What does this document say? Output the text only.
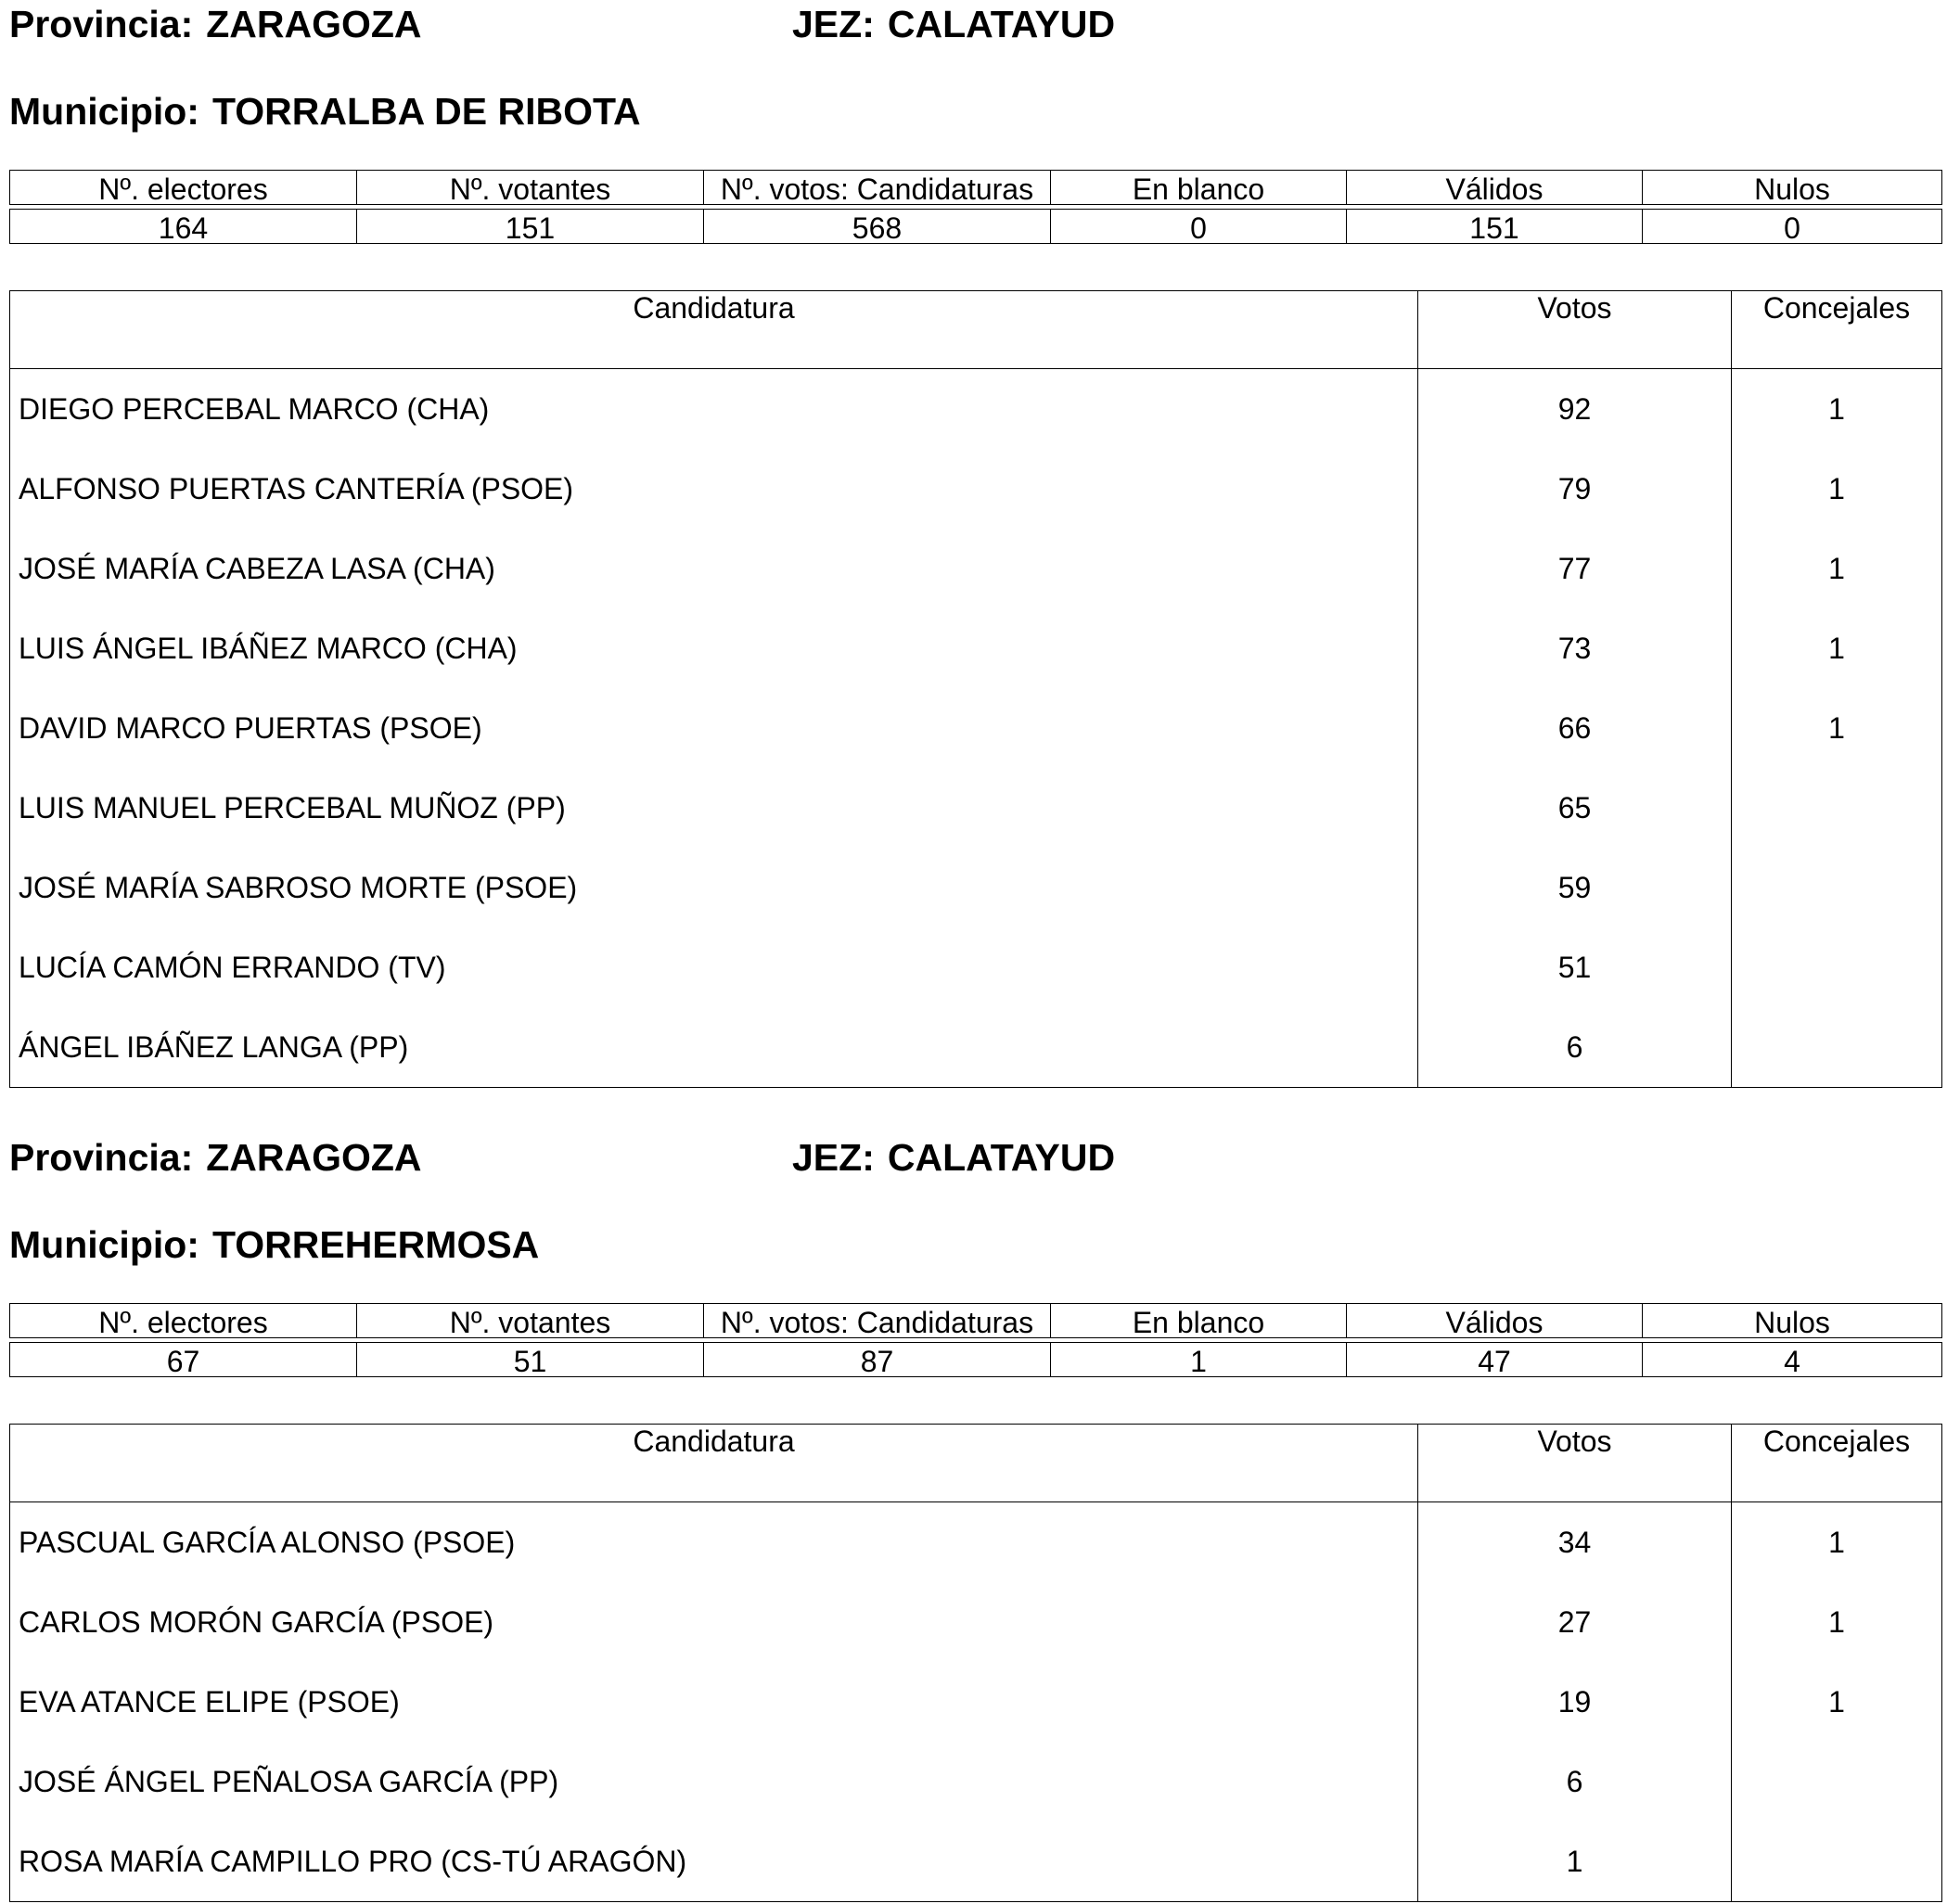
Provincia: ZARAGOZA	JEZ: CALATAYUD
Municipio: TORRALBA DE RIBOTA
Nº. electores	Nº. votantes	Nº. votos: Candidaturas	En blanco	Válidos	Nulos

164	151	568	0	151	0
Candidatura	Votos	Concejales
DIEGO PERCEBAL MARCO (CHA)	92	1
ALFONSO PUERTAS CANTERÍA (PSOE)	79	1
JOSÉ MARÍA CABEZA LASA (CHA)	77	1
LUIS ÁNGEL IBÁÑEZ MARCO (CHA)	73	1
DAVID MARCO PUERTAS (PSOE)	66	1
LUIS MANUEL PERCEBAL MUÑOZ (PP)	65	
JOSÉ MARÍA SABROSO MORTE (PSOE)	59	
LUCÍA CAMÓN ERRANDO (TV)	51	
ÁNGEL IBÁÑEZ LANGA (PP)	6	
Provincia: ZARAGOZA	JEZ: CALATAYUD
Municipio: TORREHERMOSA
Nº. electores	Nº. votantes	Nº. votos: Candidaturas	En blanco	Válidos	Nulos

67	51	87	1	47	4
Candidatura	Votos	Concejales
PASCUAL GARCÍA ALONSO (PSOE)	34	1
CARLOS MORÓN GARCÍA (PSOE)	27	1
EVA ATANCE ELIPE (PSOE)	19	1
JOSÉ ÁNGEL PEÑALOSA GARCÍA (PP)	6	
ROSA MARÍA CAMPILLO PRO (CS-TÚ ARAGÓN)	1	
